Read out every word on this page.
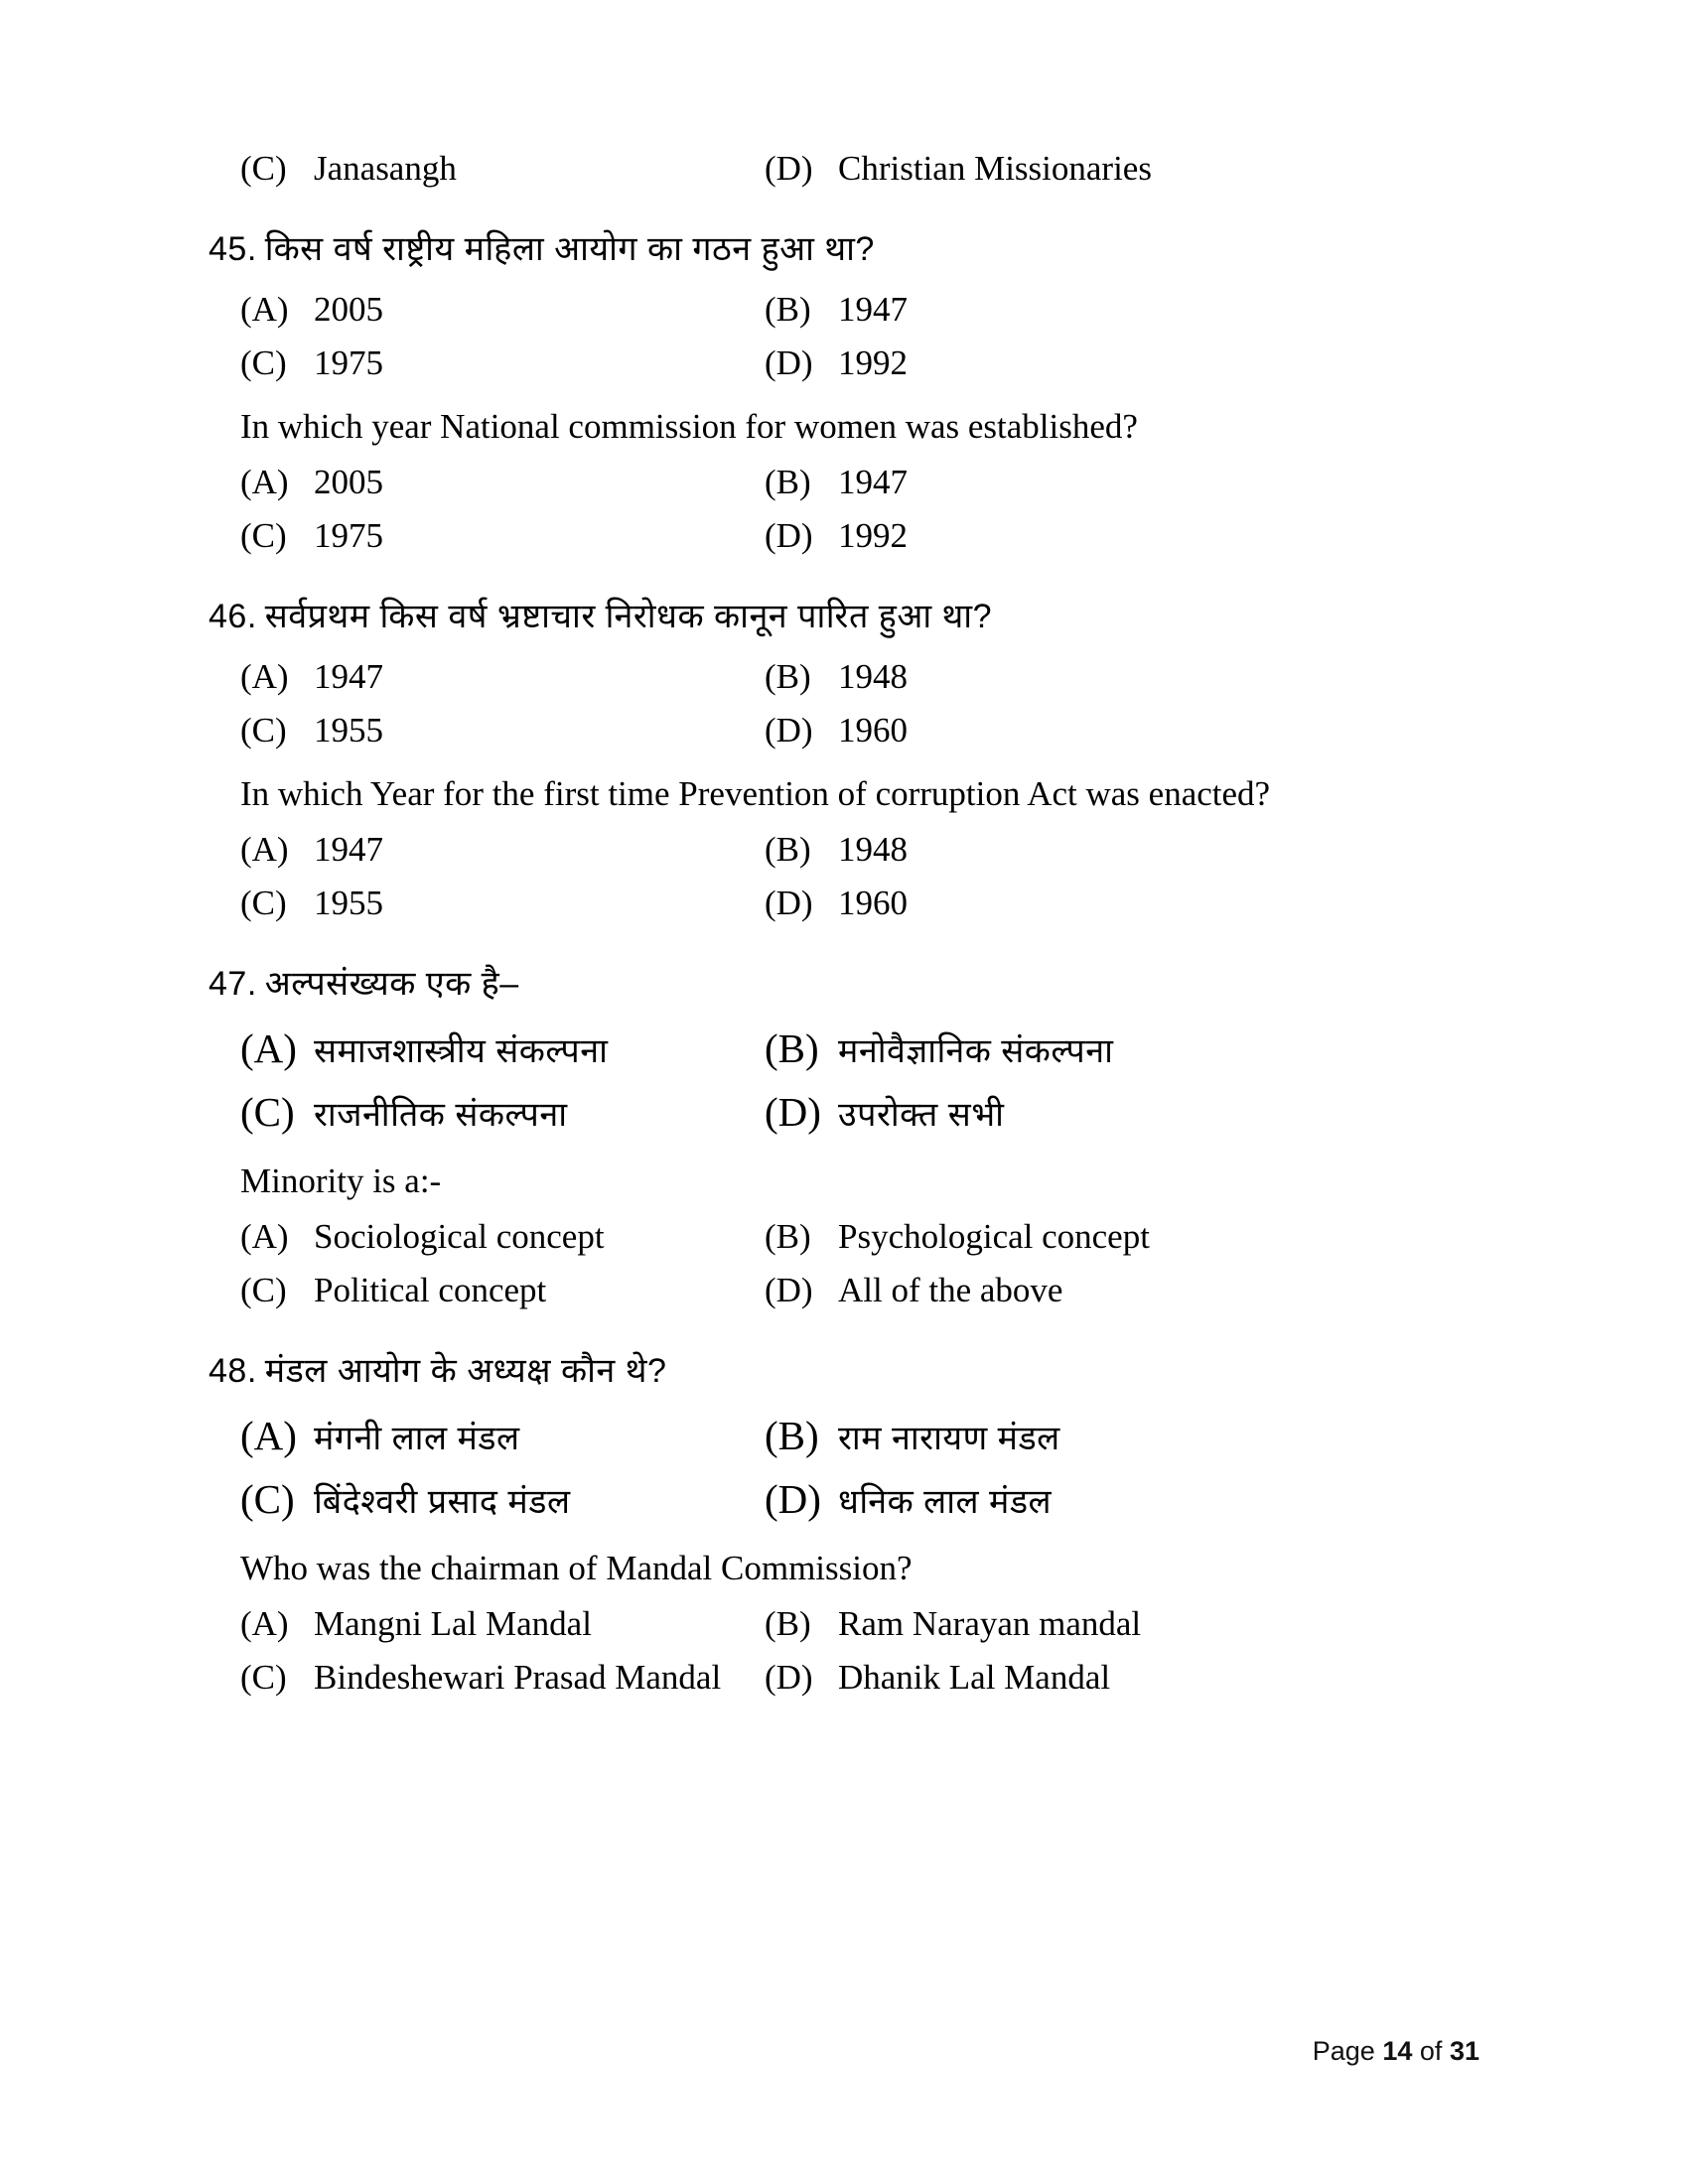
(C) Janasangh	(D) Christian Missionaries
45. किस वर्ष राष्ट्रीय महिला आयोग का गठन हुआ था?
(A) 2005	(B) 1947
(C) 1975	(D) 1992
In which year National commission for women was established?
(A) 2005	(B) 1947
(C) 1975	(D) 1992
46. सर्वप्रथम किस वर्ष भ्रष्टाचार निरोधक कानून पारित हुआ था?
(A) 1947	(B) 1948
(C) 1955	(D) 1960
In which Year for the first time Prevention of corruption Act was enacted?
(A) 1947	(B) 1948
(C) 1955	(D) 1960
47. अल्पसंख्यक एक है–
(A) समाजशास्त्रीय संकल्पना	(B) मनोवैज्ञानिक संकल्पना
(C) राजनीतिक संकल्पना	(D) उपरोक्त सभी
Minority is a:-
(A) Sociological concept	(B) Psychological concept
(C) Political concept	(D) All of the above
48. मंडल आयोग के अध्यक्ष कौन थे?
(A) मंगनी लाल मंडल	(B) राम नारायण मंडल
(C) बिंदेश्वरी प्रसाद मंडल	(D) धनिक लाल मंडल
Who was the chairman of Mandal Commission?
(A) Mangni Lal Mandal	(B) Ram Narayan mandal
(C) Bindeshewari Prasad Mandal (D) Dhanik Lal Mandal
Page 14 of 31
